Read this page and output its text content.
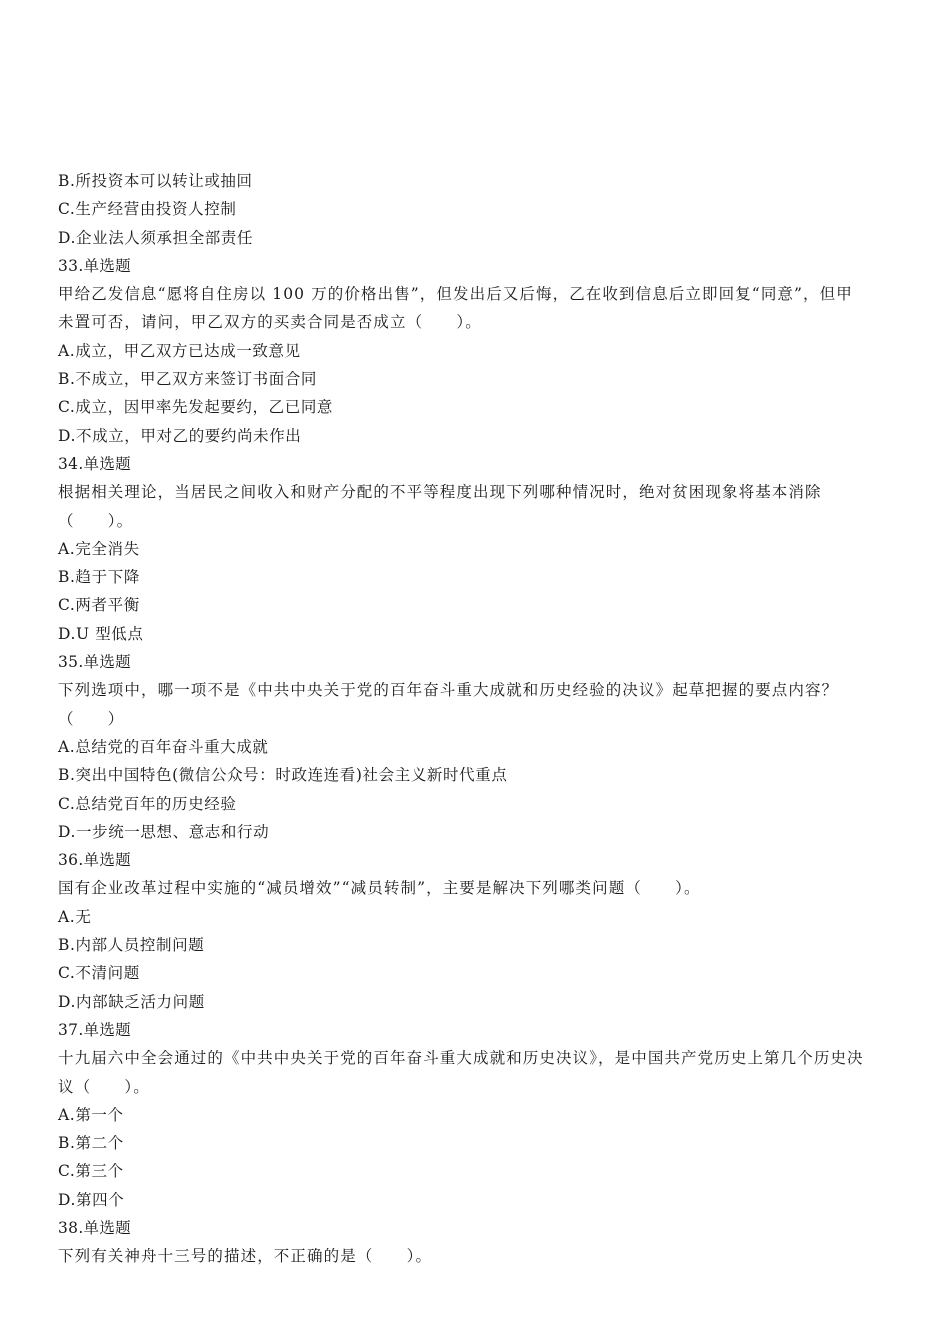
B.所投资本可以转让或抽回
C.生产经营由投资人控制
D.企业法人须承担全部责任
33.单选题
甲给乙发信息“愿将自住房以 100 万的价格出售”，但发出后又后悔，乙在收到信息后立即回复“同意”，但甲
未置可否，请问，甲乙双方的买卖合同是否成立（　　）。
A.成立，甲乙双方已达成一致意见
B.不成立，甲乙双方来签订书面合同
C.成立，因甲率先发起要约，乙已同意
D.不成立，甲对乙的要约尚未作出
34.单选题
根据相关理论，当居民之间收入和财产分配的不平等程度出现下列哪种情况时，绝对贫困现象将基本消除
（　　）。
A.完全消失
B.趋于下降
C.两者平衡
D.U 型低点
35.单选题
下列选项中，哪一项不是《中共中央关于党的百年奋斗重大成就和历史经验的决议》起草把握的要点内容？
（　　）
A.总结党的百年奋斗重大成就
B.突出中国特色(微信公众号：时政连连看)社会主义新时代重点
C.总结党百年的历史经验
D.一步统一思想、意志和行动
36.单选题
国有企业改革过程中实施的“减员增效”“减员转制”，主要是解决下列哪类问题（　　）。
A.无
B.内部人员控制问题
C.不清问题
D.内部缺乏活力问题
37.单选题
十九届六中全会通过的《中共中央关于党的百年奋斗重大成就和历史决议》，是中国共产党历史上第几个历史决
议（　　）。
A.第一个
B.第二个
C.第三个
D.第四个
38.单选题
下列有关神舟十三号的描述，不正确的是（　　）。
